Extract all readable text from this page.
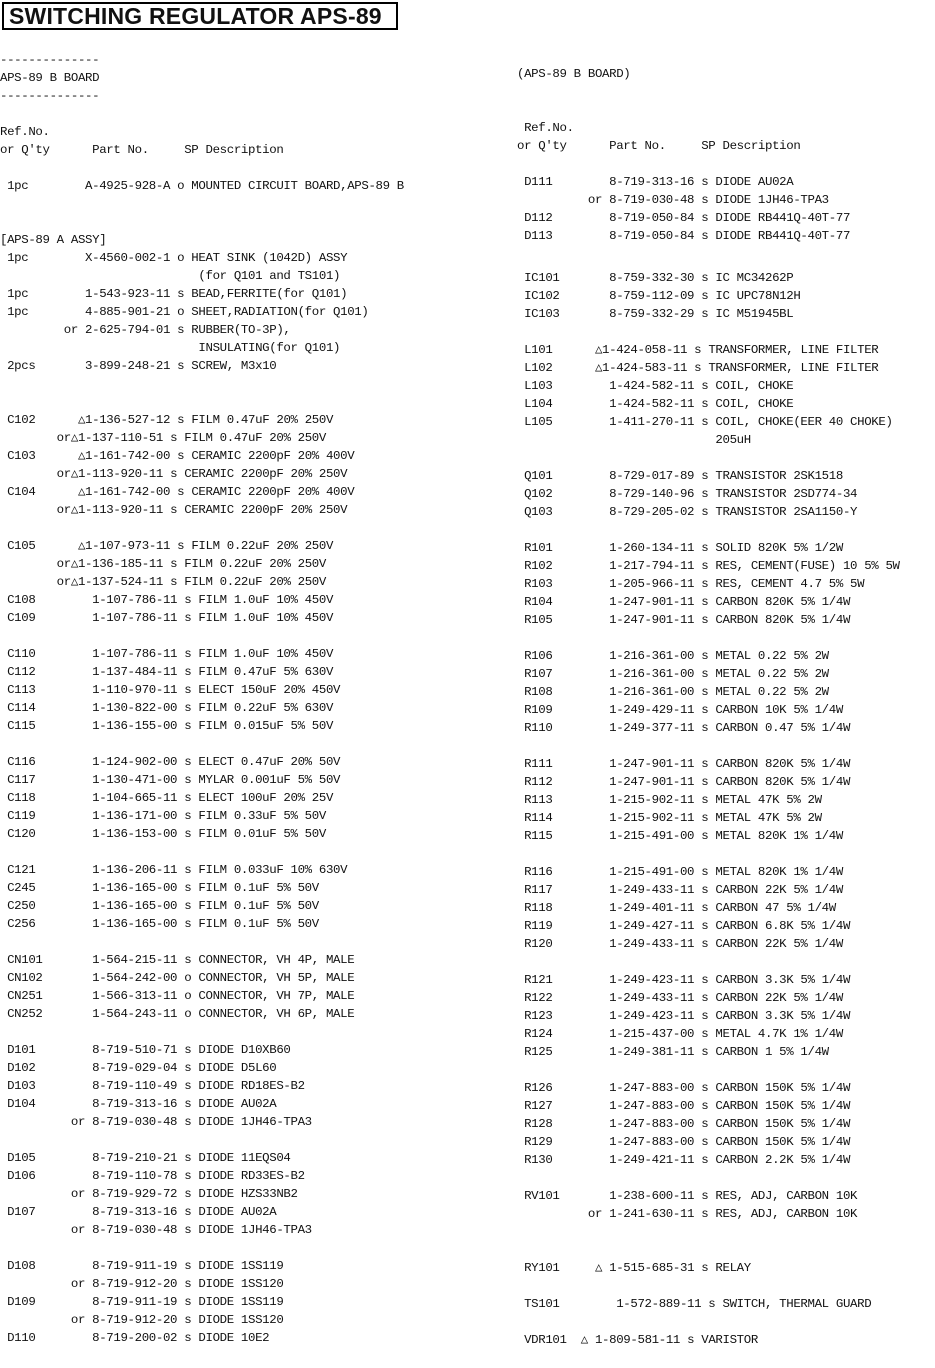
SWITCHING REGULATOR APS-89
--------------
APS-89 B BOARD
--------------
Ref.No.
or Q'ty      Part No.     SP Description
1pc        A-4925-928-A o MOUNTED CIRCUIT BOARD,APS-89 B
[APS-89 A ASSY]
1pc        X-4560-002-1 o HEAT SINK (1042D) ASSY
(for Q101 and TS101)
1pc        1-543-923-11 s BEAD,FERRITE(for Q101)
1pc        4-885-901-21 o SHEET,RADIATION(for Q101)
or 2-625-794-01 s RUBBER(TO-3P),
INSULATING(for Q101)
2pcs       3-899-248-21 s SCREW, M3x10
C102      △1-136-527-12 s FILM 0.47uF 20% 250V
or△1-137-110-51 s FILM 0.47uF 20% 250V
C103      △1-161-742-00 s CERAMIC 2200pF 20% 400V
or△1-113-920-11 s CERAMIC 2200pF 20% 250V
C104      △1-161-742-00 s CERAMIC 2200pF 20% 400V
or△1-113-920-11 s CERAMIC 2200pF 20% 250V
C105      △1-107-973-11 s FILM 0.22uF 20% 250V
or△1-136-185-11 s FILM 0.22uF 20% 250V
or△1-137-524-11 s FILM 0.22uF 20% 250V
C108        1-107-786-11 s FILM 1.0uF 10% 450V
C109        1-107-786-11 s FILM 1.0uF 10% 450V
C110        1-107-786-11 s FILM 1.0uF 10% 450V
C112        1-137-484-11 s FILM 0.47uF 5% 630V
C113        1-110-970-11 s ELECT 150uF 20% 450V
C114        1-130-822-00 s FILM 0.22uF 5% 630V
C115        1-136-155-00 s FILM 0.015uF 5% 50V
C116        1-124-902-00 s ELECT 0.47uF 20% 50V
C117        1-130-471-00 s MYLAR 0.001uF 5% 50V
C118        1-104-665-11 s ELECT 100uF 20% 25V
C119        1-136-171-00 s FILM 0.33uF 5% 50V
C120        1-136-153-00 s FILM 0.01uF 5% 50V
C121        1-136-206-11 s FILM 0.033uF 10% 630V
C245        1-136-165-00 s FILM 0.1uF 5% 50V
C250        1-136-165-00 s FILM 0.1uF 5% 50V
C256        1-136-165-00 s FILM 0.1uF 5% 50V
CN101       1-564-215-11 s CONNECTOR, VH 4P, MALE
CN102       1-564-242-00 o CONNECTOR, VH 5P, MALE
CN251       1-566-313-11 o CONNECTOR, VH 7P, MALE
CN252       1-564-243-11 o CONNECTOR, VH 6P, MALE
D101        8-719-510-71 s DIODE D10XB60
D102        8-719-029-04 s DIODE D5L60
D103        8-719-110-49 s DIODE RD18ES-B2
D104        8-719-313-16 s DIODE AU02A
or 8-719-030-48 s DIODE 1JH46-TPA3
D105        8-719-210-21 s DIODE 11EQS04
D106        8-719-110-78 s DIODE RD33ES-B2
or 8-719-929-72 s DIODE HZS33NB2
D107        8-719-313-16 s DIODE AU02A
or 8-719-030-48 s DIODE 1JH46-TPA3
D108        8-719-911-19 s DIODE 1SS119
or 8-719-912-20 s DIODE 1SS120
D109        8-719-911-19 s DIODE 1SS119
or 8-719-912-20 s DIODE 1SS120
D110        8-719-200-02 s DIODE 10E2
(APS-89 B BOARD)
Ref.No.
or Q'ty      Part No.     SP Description
D111        8-719-313-16 s DIODE AU02A
or 8-719-030-48 s DIODE 1JH46-TPA3
D112        8-719-050-84 s DIODE RB441Q-40T-77
D113        8-719-050-84 s DIODE RB441Q-40T-77
IC101       8-759-332-30 s IC MC34262P
IC102       8-759-112-09 s IC UPC78N12H
IC103       8-759-332-29 s IC M51945BL
L101      △1-424-058-11 s TRANSFORMER, LINE FILTER
L102      △1-424-583-11 s TRANSFORMER, LINE FILTER
L103        1-424-582-11 s COIL, CHOKE
L104        1-424-582-11 s COIL, CHOKE
L105        1-411-270-11 s COIL, CHOKE(EER 40 CHOKE)
205uH
Q101        8-729-017-89 s TRANSISTOR 2SK1518
Q102        8-729-140-96 s TRANSISTOR 2SD774-34
Q103        8-729-205-02 s TRANSISTOR 2SA1150-Y
R101        1-260-134-11 s SOLID 820K 5% 1/2W
R102        1-217-794-11 s RES, CEMENT(FUSE) 10 5% 5W
R103        1-205-966-11 s RES, CEMENT 4.7 5% 5W
R104        1-247-901-11 s CARBON 820K 5% 1/4W
R105        1-247-901-11 s CARBON 820K 5% 1/4W
R106        1-216-361-00 s METAL 0.22 5% 2W
R107        1-216-361-00 s METAL 0.22 5% 2W
R108        1-216-361-00 s METAL 0.22 5% 2W
R109        1-249-429-11 s CARBON 10K 5% 1/4W
R110        1-249-377-11 s CARBON 0.47 5% 1/4W
R111        1-247-901-11 s CARBON 820K 5% 1/4W
R112        1-247-901-11 s CARBON 820K 5% 1/4W
R113        1-215-902-11 s METAL 47K 5% 2W
R114        1-215-902-11 s METAL 47K 5% 2W
R115        1-215-491-00 s METAL 820K 1% 1/4W
R116        1-215-491-00 s METAL 820K 1% 1/4W
R117        1-249-433-11 s CARBON 22K 5% 1/4W
R118        1-249-401-11 s CARBON 47 5% 1/4W
R119        1-249-427-11 s CARBON 6.8K 5% 1/4W
R120        1-249-433-11 s CARBON 22K 5% 1/4W
R121        1-249-423-11 s CARBON 3.3K 5% 1/4W
R122        1-249-433-11 s CARBON 22K 5% 1/4W
R123        1-249-423-11 s CARBON 3.3K 5% 1/4W
R124        1-215-437-00 s METAL 4.7K 1% 1/4W
R125        1-249-381-11 s CARBON 1 5% 1/4W
R126        1-247-883-00 s CARBON 150K 5% 1/4W
R127        1-247-883-00 s CARBON 150K 5% 1/4W
R128        1-247-883-00 s CARBON 150K 5% 1/4W
R129        1-247-883-00 s CARBON 150K 5% 1/4W
R130        1-249-421-11 s CARBON 2.2K 5% 1/4W
RV101       1-238-600-11 s RES, ADJ, CARBON 10K
or 1-241-630-11 s RES, ADJ, CARBON 10K
RY101     △ 1-515-685-31 s RELAY
TS101        1-572-889-11 s SWITCH, THERMAL GUARD
VDR101  △ 1-809-581-11 s VARISTOR
